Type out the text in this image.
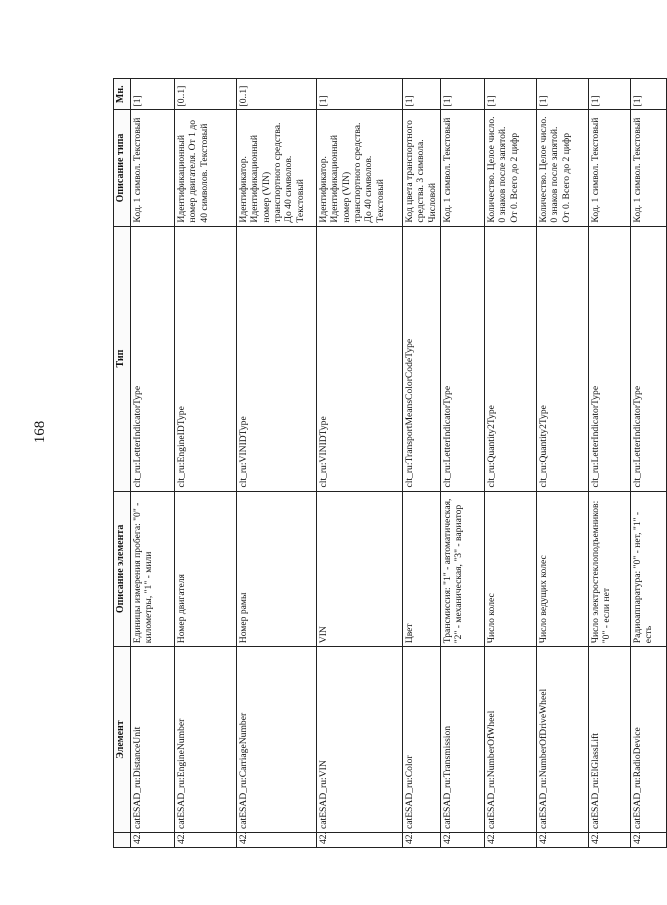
168
	Элемент	Описание элемента	Тип	Описание типа	Мн.
42.	catESAD_ru:DistanceUnit	Единицы измерения пробега: "0" - километры, "1" - мили	clt_ru:LetterIndicatorType	Код. 1 символ. Текстовый	[1]
42.	catESAD_ru:EngineNumber	Номер двигателя	clt_ru:EngineIDType	Идентификационный номер двигателя. От 1 до 40 символов. Текстовый	[0..1]
42.	catESAD_ru:CarriageNumber	Номер рамы	clt_ru:VINIDType	Идентификатор. Идентификационный номер (VIN) транспортного средства. До 40 символов. Текстовый	[0..1]
42.	catESAD_ru:VIN	VIN	clt_ru:VINIDType	Идентификатор. Идентификационный номер (VIN) транспортного средства. До 40 символов. Текстовый	[1]
42.	catESAD_ru:Color	Цвет	clt_ru:TransportMeansColorCodeType	Код цвета транспортного средства. 3 символа. Числовой	[1]
42.	catESAD_ru:Transmission	Трансмиссия: "1" - автоматическая, "2" - механическая, "3" - вариатор	clt_ru:LetterIndicatorType	Код. 1 символ. Текстовый	[1]
42.	catESAD_ru:NumberOfWheel	Число колес	clt_ru:Quantity2Type	Количество. Целое число. 0 знаков после запятой. От 0. Всего до 2 цифр	[1]
42.	catESAD_ru:NumberOfDriveWheel	Число ведущих колес	clt_ru:Quantity2Type	Количество. Целое число. 0 знаков после запятой. От 0. Всего до 2 цифр	[1]
42.	catESAD_ru:ElGlassLift	Число электростеклоподъемников: "0" - если нет	clt_ru:LetterIndicatorType	Код. 1 символ. Текстовый	[1]
42.	catESAD_ru:RadioDevice	Радиоаппаратура: "0" - нет, "1" - есть	clt_ru:LetterIndicatorType	Код. 1 символ. Текстовый	[1]
